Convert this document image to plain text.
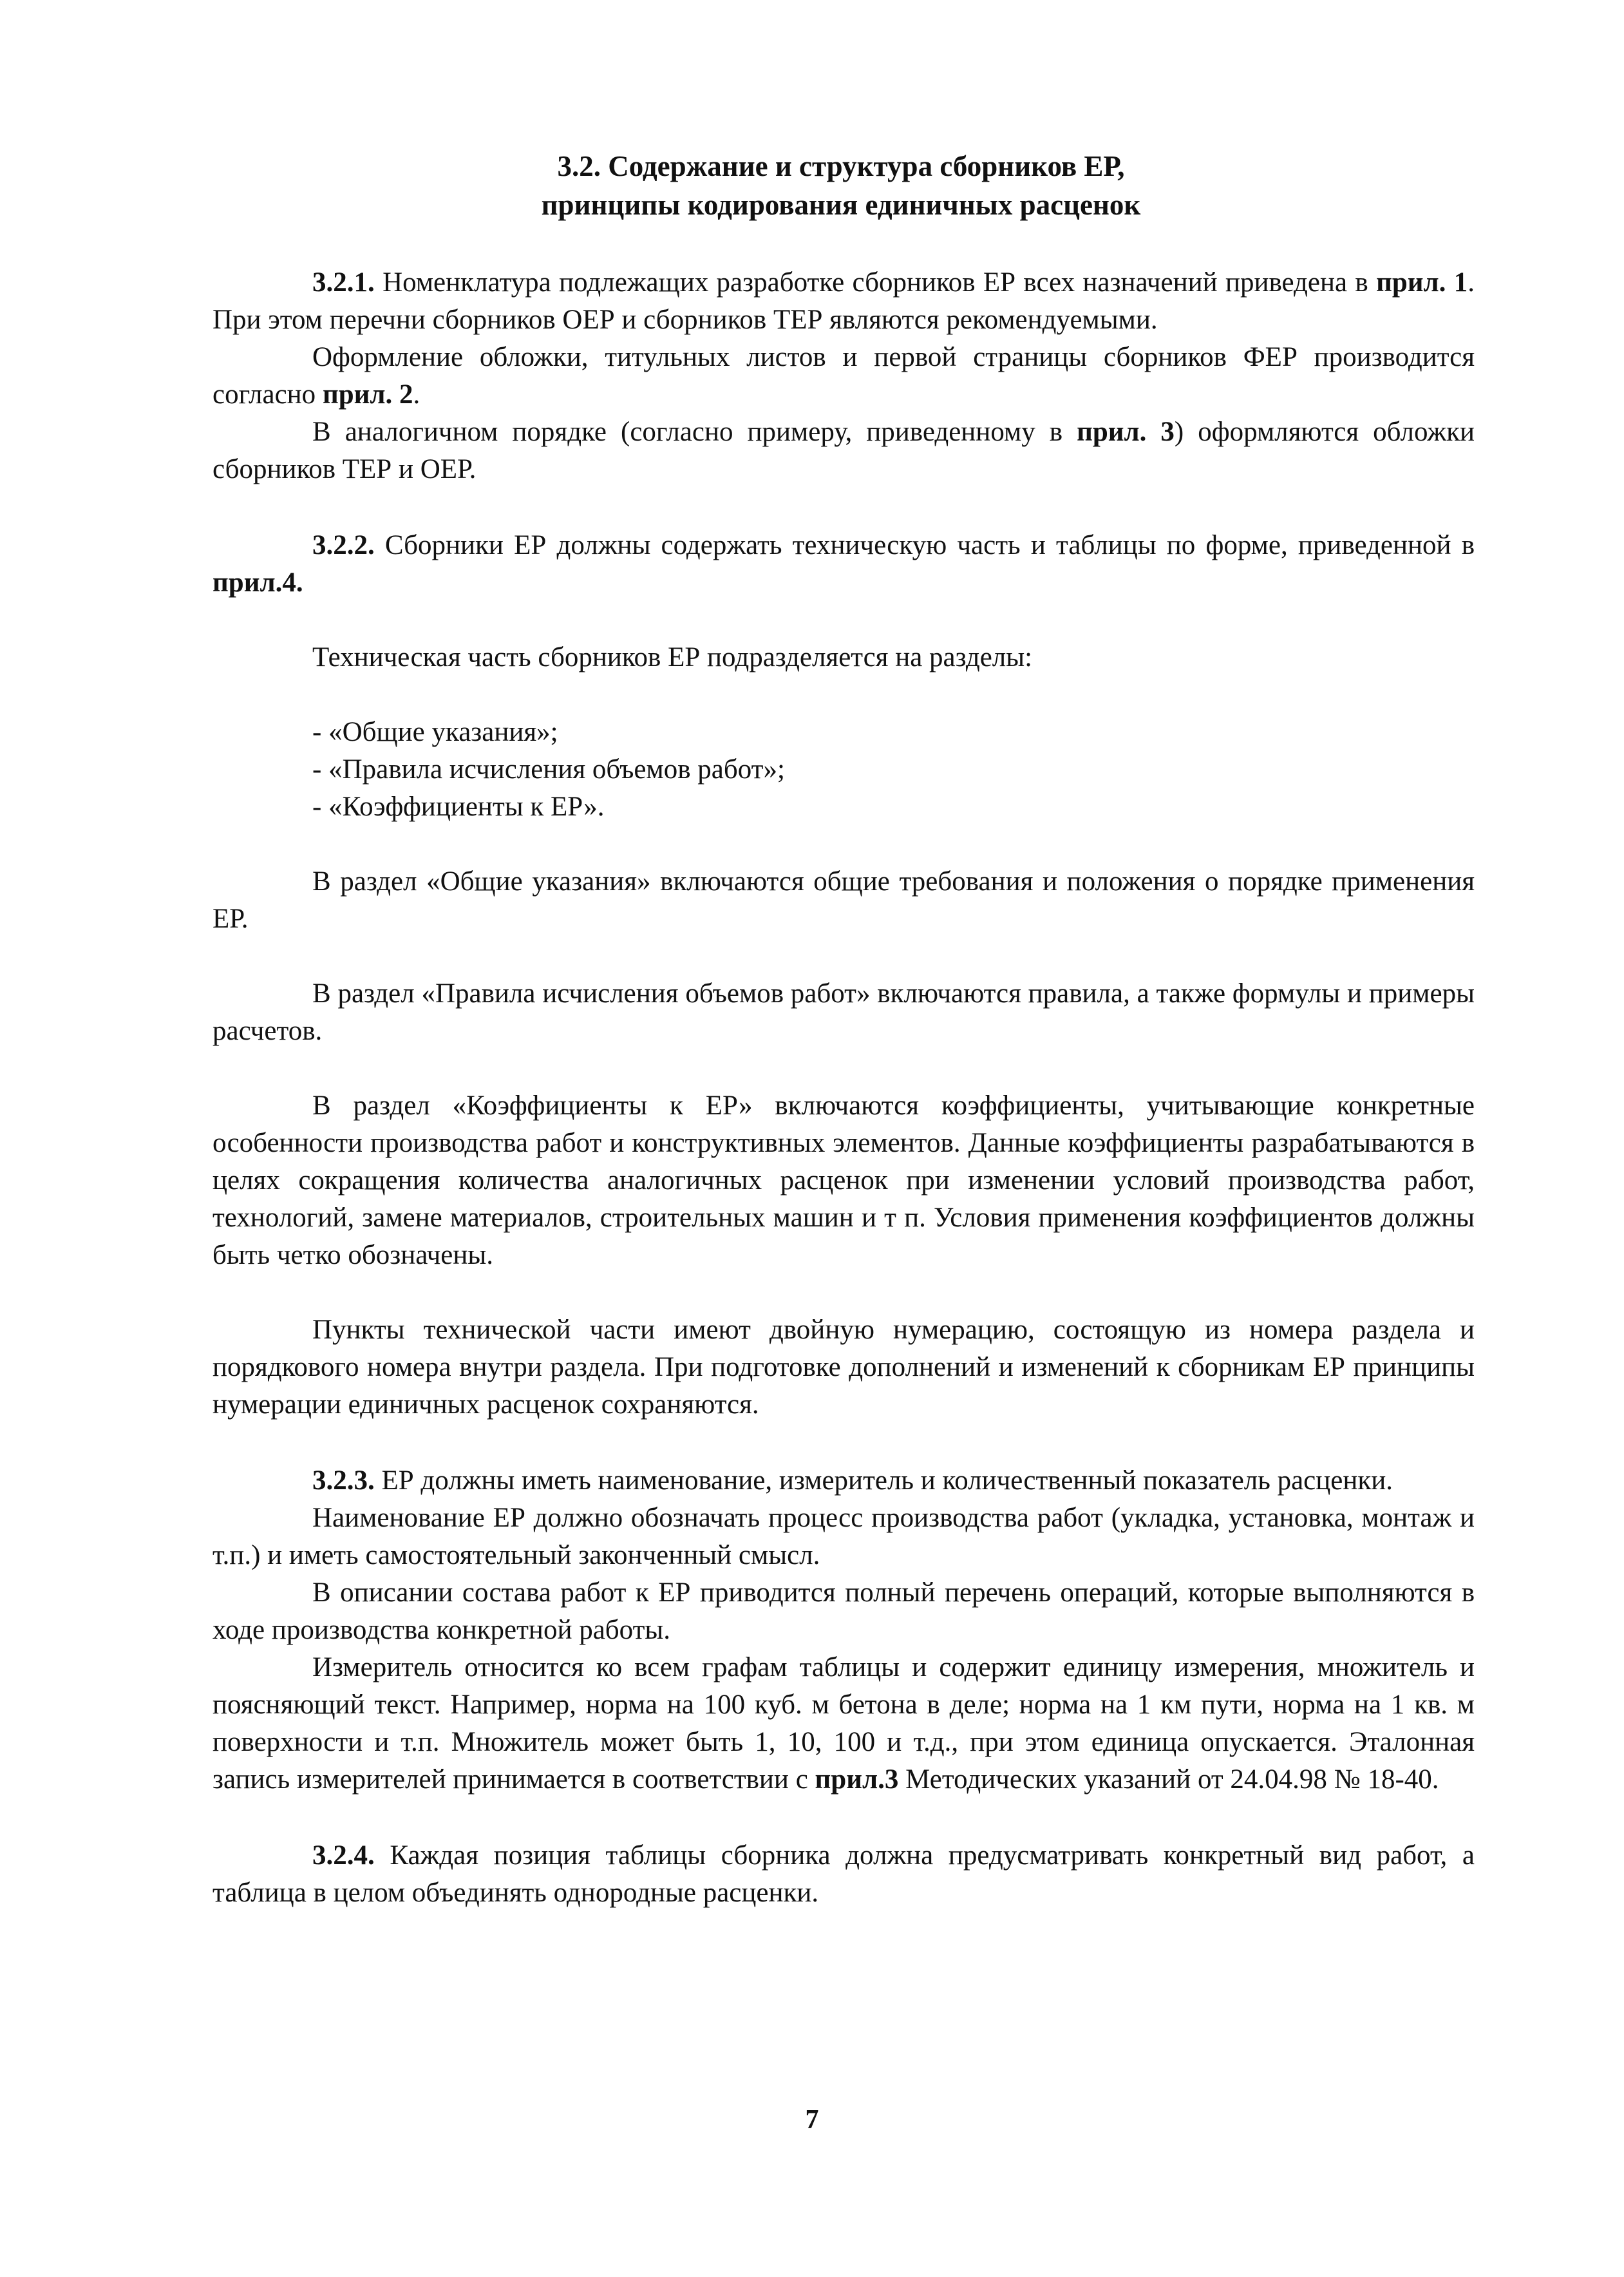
3.2. Содержание и структура сборников ЕР,
принципы кодирования единичных расценок

3.2.1. Номенклатура подлежащих разработке сборников ЕР всех назначений приведена в прил. 1. При этом перечни сборников ОЕР и сборников ТЕР являются рекомендуемыми.

Оформление обложки, титульных листов и первой страницы сборников ФЕР производится согласно прил. 2.

В аналогичном порядке (согласно примеру, приведенному в прил. 3) оформляются обложки сборников ТЕР и ОЕР.

3.2.2. Сборники ЕР должны содержать техническую часть и таблицы по форме, приведенной в прил.4.

Техническая часть сборников ЕР подразделяется на разделы:

- «Общие указания»;
- «Правила исчисления объемов работ»;
- «Коэффициенты к ЕР».

В раздел «Общие указания» включаются общие требования и положения о порядке применения ЕР.

В раздел «Правила исчисления объемов работ» включаются правила, а также формулы и примеры расчетов.

В раздел «Коэффициенты к ЕР» включаются коэффициенты, учитывающие конкретные особенности производства работ и конструктивных элементов. Данные коэффициенты разрабатываются в целях сокращения количества аналогичных расценок при изменении условий производства работ, технологий, замене материалов, строительных машин и т п. Условия применения коэффициентов должны быть четко обозначены.

Пункты технической части имеют двойную нумерацию, состоящую из номера раздела и порядкового номера внутри раздела. При подготовке дополнений и изменений к сборникам ЕР принципы нумерации единичных расценок сохраняются.

3.2.3. ЕР должны иметь наименование, измеритель и количественный показатель расценки.

Наименование ЕР должно обозначать процесс производства работ (укладка, установка, монтаж и т.п.) и иметь самостоятельный законченный смысл.

В описании состава работ к ЕР приводится полный перечень операций, которые выполняются в ходе производства конкретной работы.

Измеритель относится ко всем графам таблицы и содержит единицу измерения, множитель и поясняющий текст. Например, норма на 100 куб. м бетона в деле; норма на 1 км пути, норма на 1 кв. м поверхности и т.п. Множитель может быть 1, 10, 100 и т.д., при этом единица опускается. Эталонная запись измерителей принимается в соответствии с прил.3 Методических указаний от 24.04.98 № 18-40.

3.2.4. Каждая позиция таблицы сборника должна предусматривать конкретный вид работ, а таблица в целом объединять однородные расценки.

7
